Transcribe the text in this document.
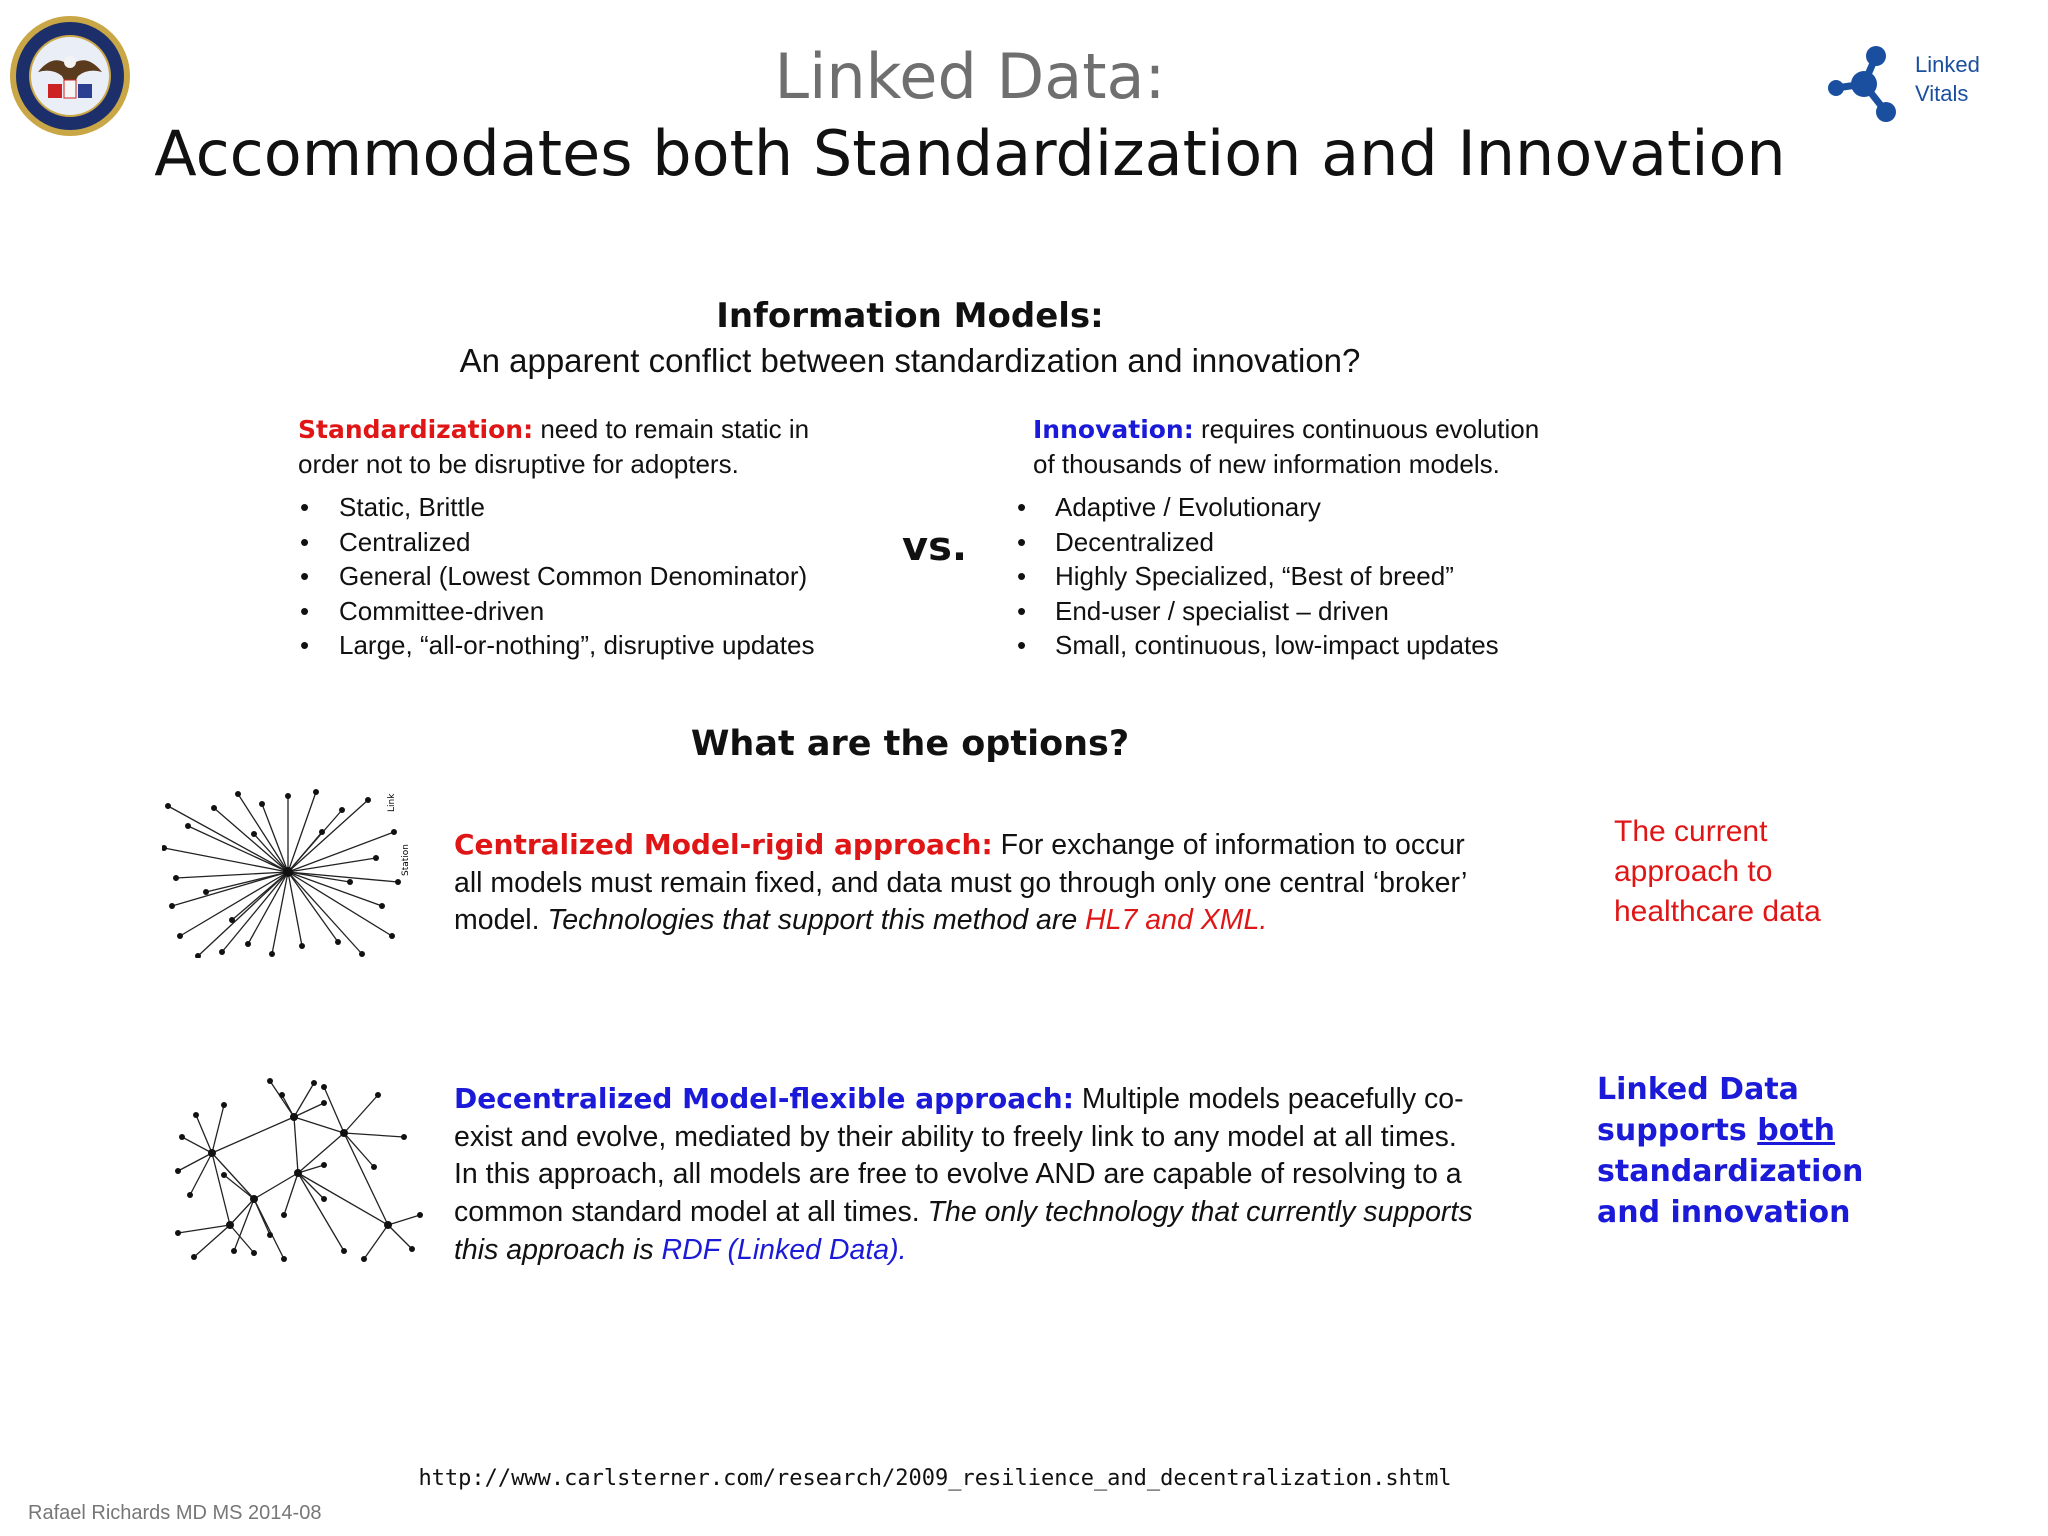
Linked Data:
Accommodates both Standardization and Innovation
Linked
Vitals
Information Models:
An apparent conflict between standardization and innovation?
Standardization: need to remain static in
order not to be disruptive for adopters.
Innovation: requires continuous evolution
of thousands of new information models.
• Static, Brittle
• Centralized
• General (Lowest Common Denominator)
• Committee-driven
• Large, “all-or-nothing”, disruptive updates
vs.
• Adaptive / Evolutionary
• Decentralized
• Highly Specialized, “Best of breed”
• End-user / specialist – driven
• Small, continuous, low-impact updates
What are the options?
Link
Station Centralized Model-rigid approach: For exchange of information to occur all models must remain fixed, and data must go through only one central ‘broker’ model. Technologies that support this method are HL7 and XML.
The current
approach to
healthcare data
Decentralized Model-flexible approach: Multiple models peacefully co-exist and evolve, mediated by their ability to freely link to any model at all times. In this approach, all models are free to evolve AND are capable of resolving to a common standard model at all times. The only technology that currently supports this approach is RDF (Linked Data).
Linked Data
supports both
standardization
and innovation
http://www.carlsterner.com/research/2009_resilience_and_decentralization.shtml
Rafael Richards MD MS 2014-08
